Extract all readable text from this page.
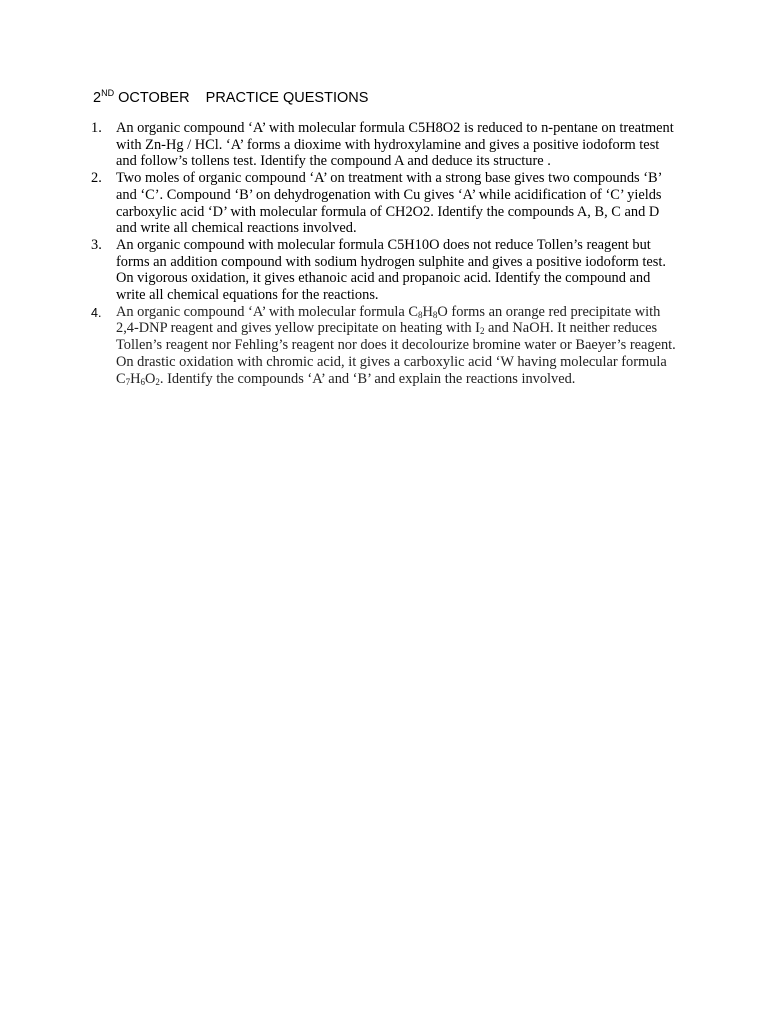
2ND OCTOBER    PRACTICE QUESTIONS
1. An organic compound ‘A’ with molecular formula C5H8O2 is reduced to n-pentane on treatment with Zn-Hg / HCl. ‘A’ forms a dioxime with hydroxylamine and gives a positive iodoform test and follow’s tollens test. Identify the compound A and deduce its structure .
2. Two moles of organic compound ‘A’ on treatment with a strong base gives two compounds ‘B’ and ‘C’. Compound ‘B’ on dehydrogenation with Cu gives ‘A’ while acidification of ‘C’ yields carboxylic acid ‘D’ with molecular formula of CH2O2. Identify the compounds A, B, C and D and write all chemical reactions involved.
3. An organic compound with molecular formula C5H10O does not reduce Tollen’s reagent but forms an addition compound with sodium hydrogen sulphite and gives a positive iodoform test. On vigorous oxidation, it gives ethanoic acid and propanoic acid. Identify the compound and write all chemical equations for the reactions.
4. An organic compound ‘A’ with molecular formula $C_8H_8O$ forms an orange red precipitate with 2,4-DNP reagent and gives yellow precipitate on heating with $I_2$ and NaOH. It neither reduces Tollen’s reagent nor Fehling’s reagent nor does it decolourize bromine water or Baeyer’s reagent. On drastic oxidation with chromic acid, it gives a carboxylic acid ‘W having molecular formula $C_7H_6O_2$. Identify the compounds ‘A’ and ‘B’ and explain the reactions involved.
